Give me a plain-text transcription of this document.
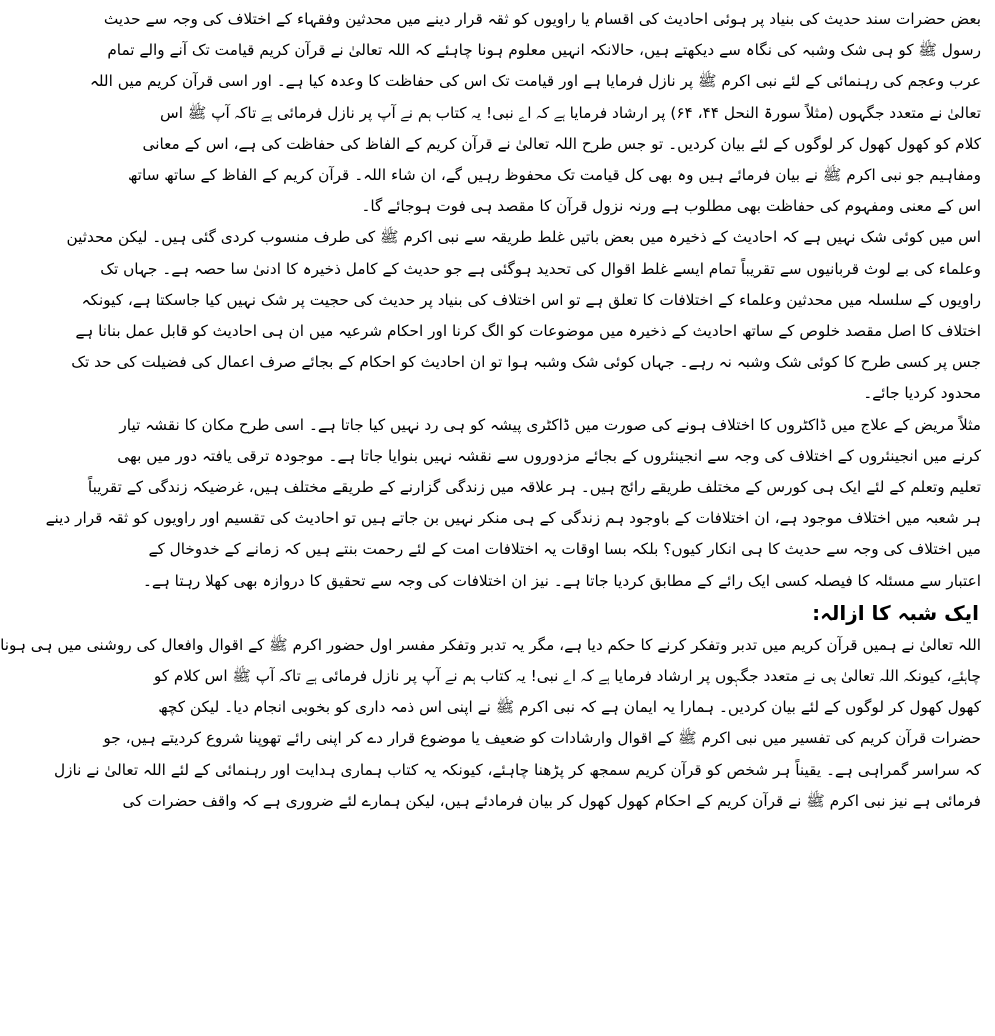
بعض حضرات سند حدیث کی بنیاد پر ہوئی احادیث کی اقسام یا راویوں کو ثقہ قرار دینے میں محدثین وفقہاء کے اختلاف کی وجہ سے حدیث
رسول ﷺ کو ہی شک وشبہ کی نگاہ سے دیکھتے ہیں، حالانکہ انہیں معلوم ہونا چاہئے کہ اللہ تعالیٰ نے قرآن کریم قیامت تک آنے والے تمام
عرب وعجم کی رہنمائی کے لئے نبی اکرم ﷺ پر نازل فرمایا ہے اور قیامت تک اس کی حفاظت کا وعدہ کیا ہے۔ اور اسی قرآن کریم میں اللہ
تعالیٰ نے متعدد جگہوں (مثلاً سورۃ النحل ۴۴، ۶۴) پر ارشاد فرمایا ہے کہ اے نبی! یہ کتاب ہم نے آپ پر نازل فرمائی ہے تاکہ آپ ﷺ اس
کلام کو کھول کھول کر لوگوں کے لئے بیان کردیں۔ تو جس طرح اللہ تعالیٰ نے قرآن کریم کے الفاظ کی حفاظت کی ہے، اس کے معانی
ومفاہیم جو نبی اکرم ﷺ نے بیان فرمائے ہیں وہ بھی کل قیامت تک محفوظ رہیں گے، ان شاء اللہ۔ قرآن کریم کے الفاظ کے ساتھ ساتھ
اس کے معنی ومفہوم کی حفاظت بھی مطلوب ہے ورنہ نزول قرآن کا مقصد ہی فوت ہوجائے گا۔
اس میں کوئی شک نہیں ہے کہ احادیث کے ذخیرہ میں بعض باتیں غلط طریقہ سے نبی اکرم ﷺ کی طرف منسوب کردی گئی ہیں۔ لیکن محدثین
وعلماء کی بے لوث قربانیوں سے تقریباً تمام ایسے غلط اقوال کی تحدید ہوگئی ہے جو حدیث کے کامل ذخیرہ کا ادنیٰ سا حصہ ہے۔ جہاں تک
راویوں کے سلسلہ میں محدثین وعلماء کے اختلافات کا تعلق ہے تو اس اختلاف کی بنیاد پر حدیث کی حجیت پر شک نہیں کیا جاسکتا ہے، کیونکہ
اختلاف کا اصل مقصد خلوص کے ساتھ احادیث کے ذخیرہ میں موضوعات کو الگ کرنا اور احکام شرعیہ میں ان ہی احادیث کو قابل عمل بنانا ہے
جس پر کسی طرح کا کوئی شک وشبہ نہ رہے۔ جہاں کوئی شک وشبہ ہوا تو ان احادیث کو احکام کے بجائے صرف اعمال کی فضیلت کی حد تک
محدود کردیا جائے۔
مثلاً مریض کے علاج میں ڈاکٹروں کا اختلاف ہونے کی صورت میں ڈاکٹری پیشہ کو ہی رد نہیں کیا جاتا ہے۔ اسی طرح مکان کا نقشہ تیار
کرنے میں انجینئروں کے اختلاف کی وجہ سے انجینئروں کے بجائے مزدوروں سے نقشہ نہیں بنوایا جاتا ہے۔ موجودہ ترقی یافتہ دور میں بھی
تعلیم وتعلم کے لئے ایک ہی کورس کے مختلف طریقے رائج ہیں۔ ہر علاقہ میں زندگی گزارنے کے طریقے مختلف ہیں، غرضیکہ زندگی کے تقریباً
ہر شعبہ میں اختلاف موجود ہے، ان اختلافات کے باوجود ہم زندگی کے ہی منکر نہیں بن جاتے ہیں تو احادیث کی تقسیم اور راویوں کو ثقہ قرار دینے
میں اختلاف کی وجہ سے حدیث کا ہی انکار کیوں؟ بلکہ بسا اوقات یہ اختلافات امت کے لئے رحمت بنتے ہیں کہ زمانے کے خدوخال کے
اعتبار سے مسئلہ کا فیصلہ کسی ایک رائے کے مطابق کردیا جاتا ہے۔ نیز ان اختلافات کی وجہ سے تحقیق کا دروازہ بھی کھلا رہتا ہے۔
ایک شبہ کا ازالہ:
اللہ تعالیٰ نے ہمیں قرآن کریم میں تدبر وتفکر کرنے کا حکم دیا ہے، مگر یہ تدبر وتفکر مفسر اول حضور اکرم ﷺ کے اقوال وافعال کی روشنی میں ہی ہونا
چاہئے، کیونکہ اللہ تعالیٰ ہی نے متعدد جگہوں پر ارشاد فرمایا ہے کہ اے نبی! یہ کتاب ہم نے آپ پر نازل فرمائی ہے تاکہ آپ ﷺ اس کلام کو
کھول کھول کر لوگوں کے لئے بیان کردیں۔ ہمارا یہ ایمان ہے کہ نبی اکرم ﷺ نے اپنی اس ذمہ داری کو بخوبی انجام دیا۔ لیکن کچھ
حضرات قرآن کریم کی تفسیر میں نبی اکرم ﷺ کے اقوال وارشادات کو ضعیف یا موضوع قرار دے کر اپنی رائے تھوپنا شروع کردیتے ہیں، جو
کہ سراسر گمراہی ہے۔ یقیناً ہر شخص کو قرآن کریم سمجھ کر پڑھنا چاہئے، کیونکہ یہ کتاب ہماری ہدایت اور رہنمائی کے لئے اللہ تعالیٰ نے نازل
فرمائی ہے نیز نبی اکرم ﷺ نے قرآن کریم کے احکام کھول کھول کر بیان فرمادئے ہیں، لیکن ہمارے لئے ضروری ہے کہ واقف حضرات کی
